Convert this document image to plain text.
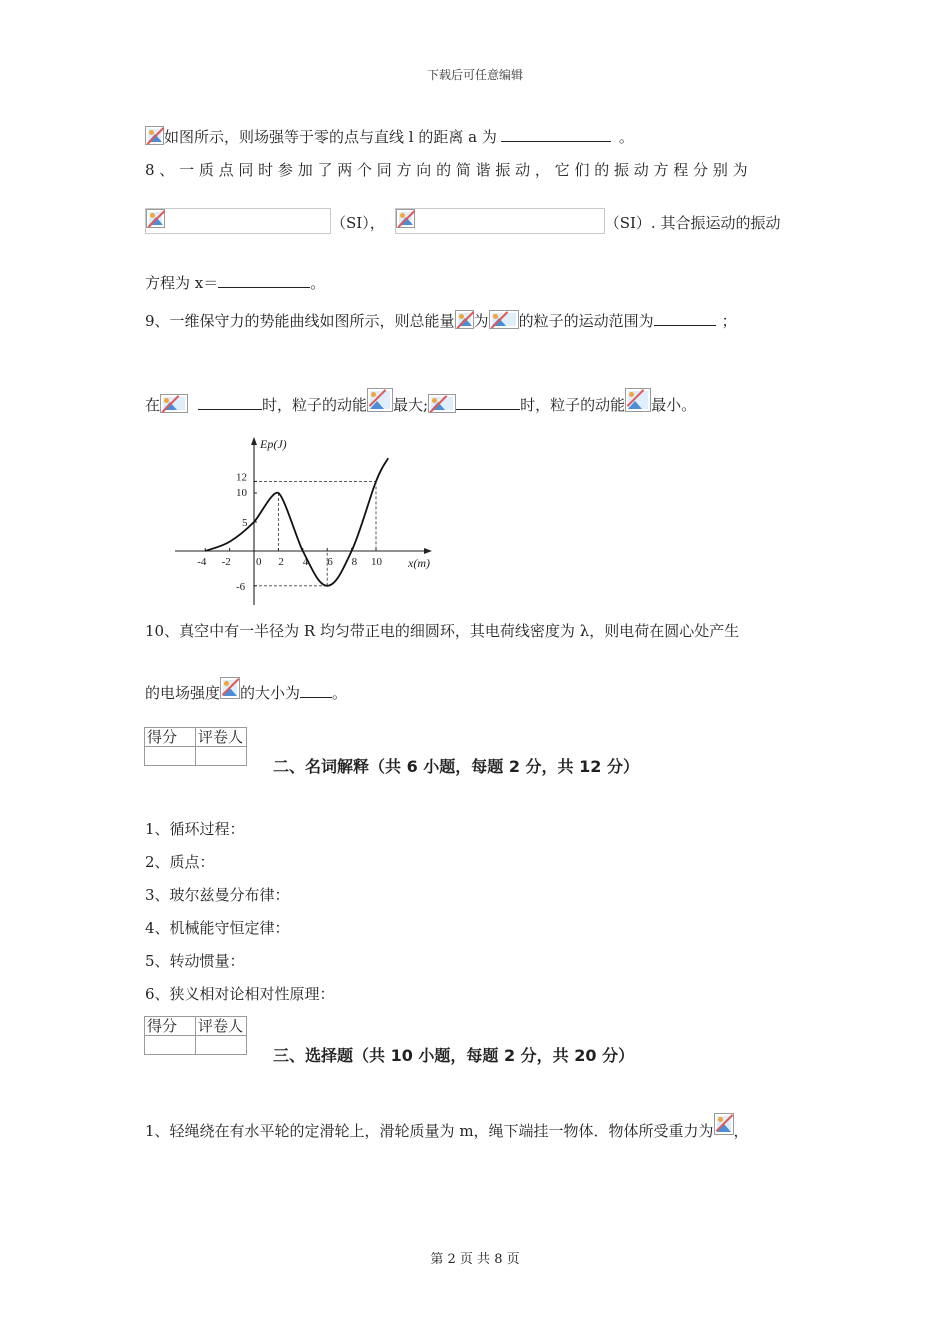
下载后可任意编辑
如图所示，则场强等于零的点与直线 l 的距离 a 为	。
8 、 一 质 点 同 时 参 加 了 两 个 同 方 向 的 简 谐 振 动 ， 它 们 的 振 动 方 程 分 别 为
（SI），	（SI）. 其合振运动的振动
方程为 x＝	。
9、一维保守力的势能曲线如图所示，则总能量 为 的粒子的运动范围为	；
在	时，粒子的动能 最大;	时，粒子的动能 最小。
-4 -2 0 2 4 6 8 10
12
10
5
-6
Ep(J)
x(m)
10、真空中有一半径为 R 均匀带正电的细圆环，其电荷线密度为 λ，则电荷在圆心处产生
的电场强度 的大小为 。
得分	评卷人

二、名词解释（共 6 小题，每题 2 分，共 12 分）
1、循环过程：
2、质点：
3、玻尔兹曼分布律：
4、机械能守恒定律：
5、转动惯量：
6、狭义相对论相对性原理：
得分	评卷人

三、选择题（共 10 小题，每题 2 分，共 20 分）
1、轻绳绕在有水平轮的定滑轮上，滑轮质量为 m，绳下端挂一物体．物体所受重力为 ，
第 2 页 共 8 页
